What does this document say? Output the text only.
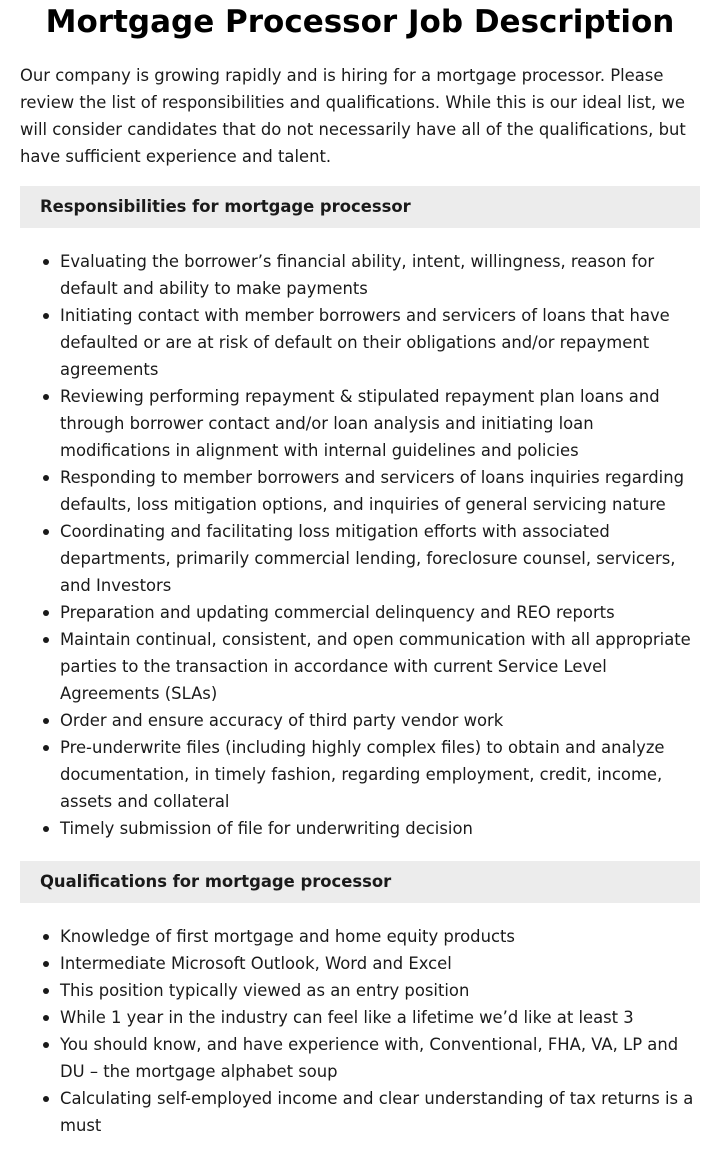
Mortgage Processor Job Description

Our company is growing rapidly and is hiring for a mortgage processor. Please review the list of responsibilities and qualifications. While this is our ideal list, we will consider candidates that do not necessarily have all of the qualifications, but have sufficient experience and talent.

Responsibilities for mortgage processor
Evaluating the borrower’s financial ability, intent, willingness, reason for default and ability to make payments
Initiating contact with member borrowers and servicers of loans that have defaulted or are at risk of default on their obligations and/or repayment agreements
Reviewing performing repayment & stipulated repayment plan loans and through borrower contact and/or loan analysis and initiating loan modifications in alignment with internal guidelines and policies
Responding to member borrowers and servicers of loans inquiries regarding defaults, loss mitigation options, and inquiries of general servicing nature
Coordinating and facilitating loss mitigation efforts with associated departments, primarily commercial lending, foreclosure counsel, servicers, and Investors
Preparation and updating commercial delinquency and REO reports
Maintain continual, consistent, and open communication with all appropriate parties to the transaction in accordance with current Service Level Agreements (SLAs)
Order and ensure accuracy of third party vendor work
Pre-underwrite files (including highly complex files) to obtain and analyze documentation, in timely fashion, regarding employment, credit, income, assets and collateral
Timely submission of file for underwriting decision
Qualifications for mortgage processor
Knowledge of first mortgage and home equity products
Intermediate Microsoft Outlook, Word and Excel
This position typically viewed as an entry position
While 1 year in the industry can feel like a lifetime we’d like at least 3
You should know, and have experience with, Conventional, FHA, VA, LP and DU – the mortgage alphabet soup
Calculating self-employed income and clear understanding of tax returns is a must
